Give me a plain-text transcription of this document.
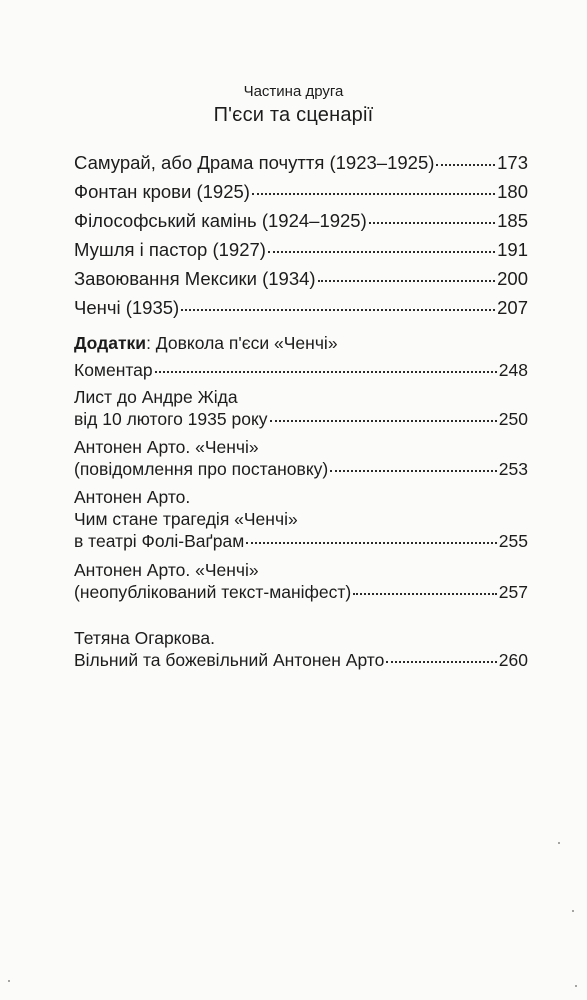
Частина друга
П'єси та сценарії
Самурай, або Драма почуття (1923–1925)	173
Фонтан крови (1925)	180
Філософський камінь (1924–1925)	185
Мушля і пастор (1927)	191
Завоювання Мексики (1934)	200
Ченчі (1935)	207
Додатки: Довкола п'єси «Ченчі»
Коментар	248
Лист до Андре Жіда
від 10 лютого 1935 року	250
Антонен Арто. «Ченчі»
(повідомлення про постановку)	253
Антонен Арто.
Чим стане трагедія «Ченчі»
в театрі Фолі-Ваґрам	255
Антонен Арто. «Ченчі»
(неопублікований текст-маніфест)	257
Тетяна Огаркова.
Вільний та божевільний Антонен Арто	260
